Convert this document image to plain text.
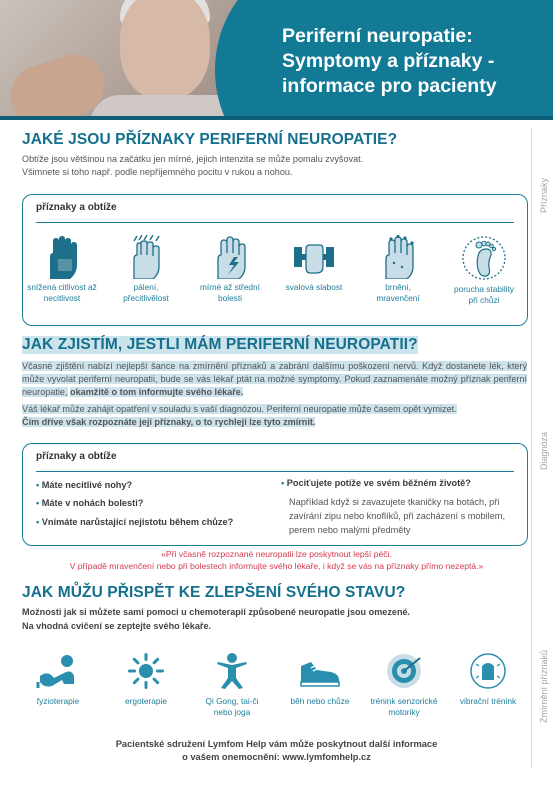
Periferní neuropatie:
Symptomy a příznaky -
informace pro pacienty
Příznaky
Diagnóza
Zmírnění příznaků
JAKÉ JSOU PŘÍZNAKY PERIFERNÍ NEUROPATIE?

Obtíže jsou většinou na začátku jen mírné, jejich intenzita se může pomalu zvyšovat.

Všimnete si toho např. podle nepříjemného pocitu v rukou a nohou.

příznaky a obtíže
snížená citlivost až necitlivost
pálení, přecitlivělost
mírné až střední bolesti
svalová slabost	brnění, mravenčení
porucha stability při chůzi
JAK ZJISTÍM, JESTLI MÁM PERIFERNÍ NEUROPATII?

Včasné zjištění nabízí nejlepší šance na zmírnění příznaků a zabrání dalšímu poškození nervů. Když dostanete lék, který může vyvolat periferní neuropatii, bude se vás lékař ptát na možné symptomy. Pokud zaznamenáte možný příznak periferní neuropatie, okamžitě o tom informujte svého lékaře.

Váš lékař může zahájit opatření v souladu s vaší diagnózou. Periferní neuropatie může časem opět vymizet.
Čím dříve však rozpoznáte její příznaky, o to rychleji lze tyto zmírnit.

příznaky a obtíže
• Máte necitlivé nohy?
• Máte v nohách bolesti?
• Vnímáte narůstající nejistotu během chůze?
• Pociťujete potíže ve svém běžném životě?
Například když si zavazujete tkaničky na botách, při zavírání zipu nebo knoflíků, při zacházení s mobilem, perem nebo malými předměty
«Při včasně rozpoznané neuropatii lze poskytnout lepší péči.
V případě mravenčení nebo při bolestech informujte svého lékaře, i když se vás na příznaky přímo nezeptá.»
JAK MŮŽU PŘISPĚT KE ZLEPŠENÍ SVÉHO STAVU?

Možnosti jak si můžete sami pomoci u chemoterapií způsobené neuropatie jsou omezené.

Na vhodná cvičení se zeptejte svého lékaře.

fyzioterapie	ergoterapie	Qi Gong, tai-či nebo joga
běh nebo chůze	trénink senzorické motoriky
vibrační trénink
Pacientské sdružení Lymfom Help vám může poskytnout další informace
o vašem onemocnění: www.lymfomhelp.cz
